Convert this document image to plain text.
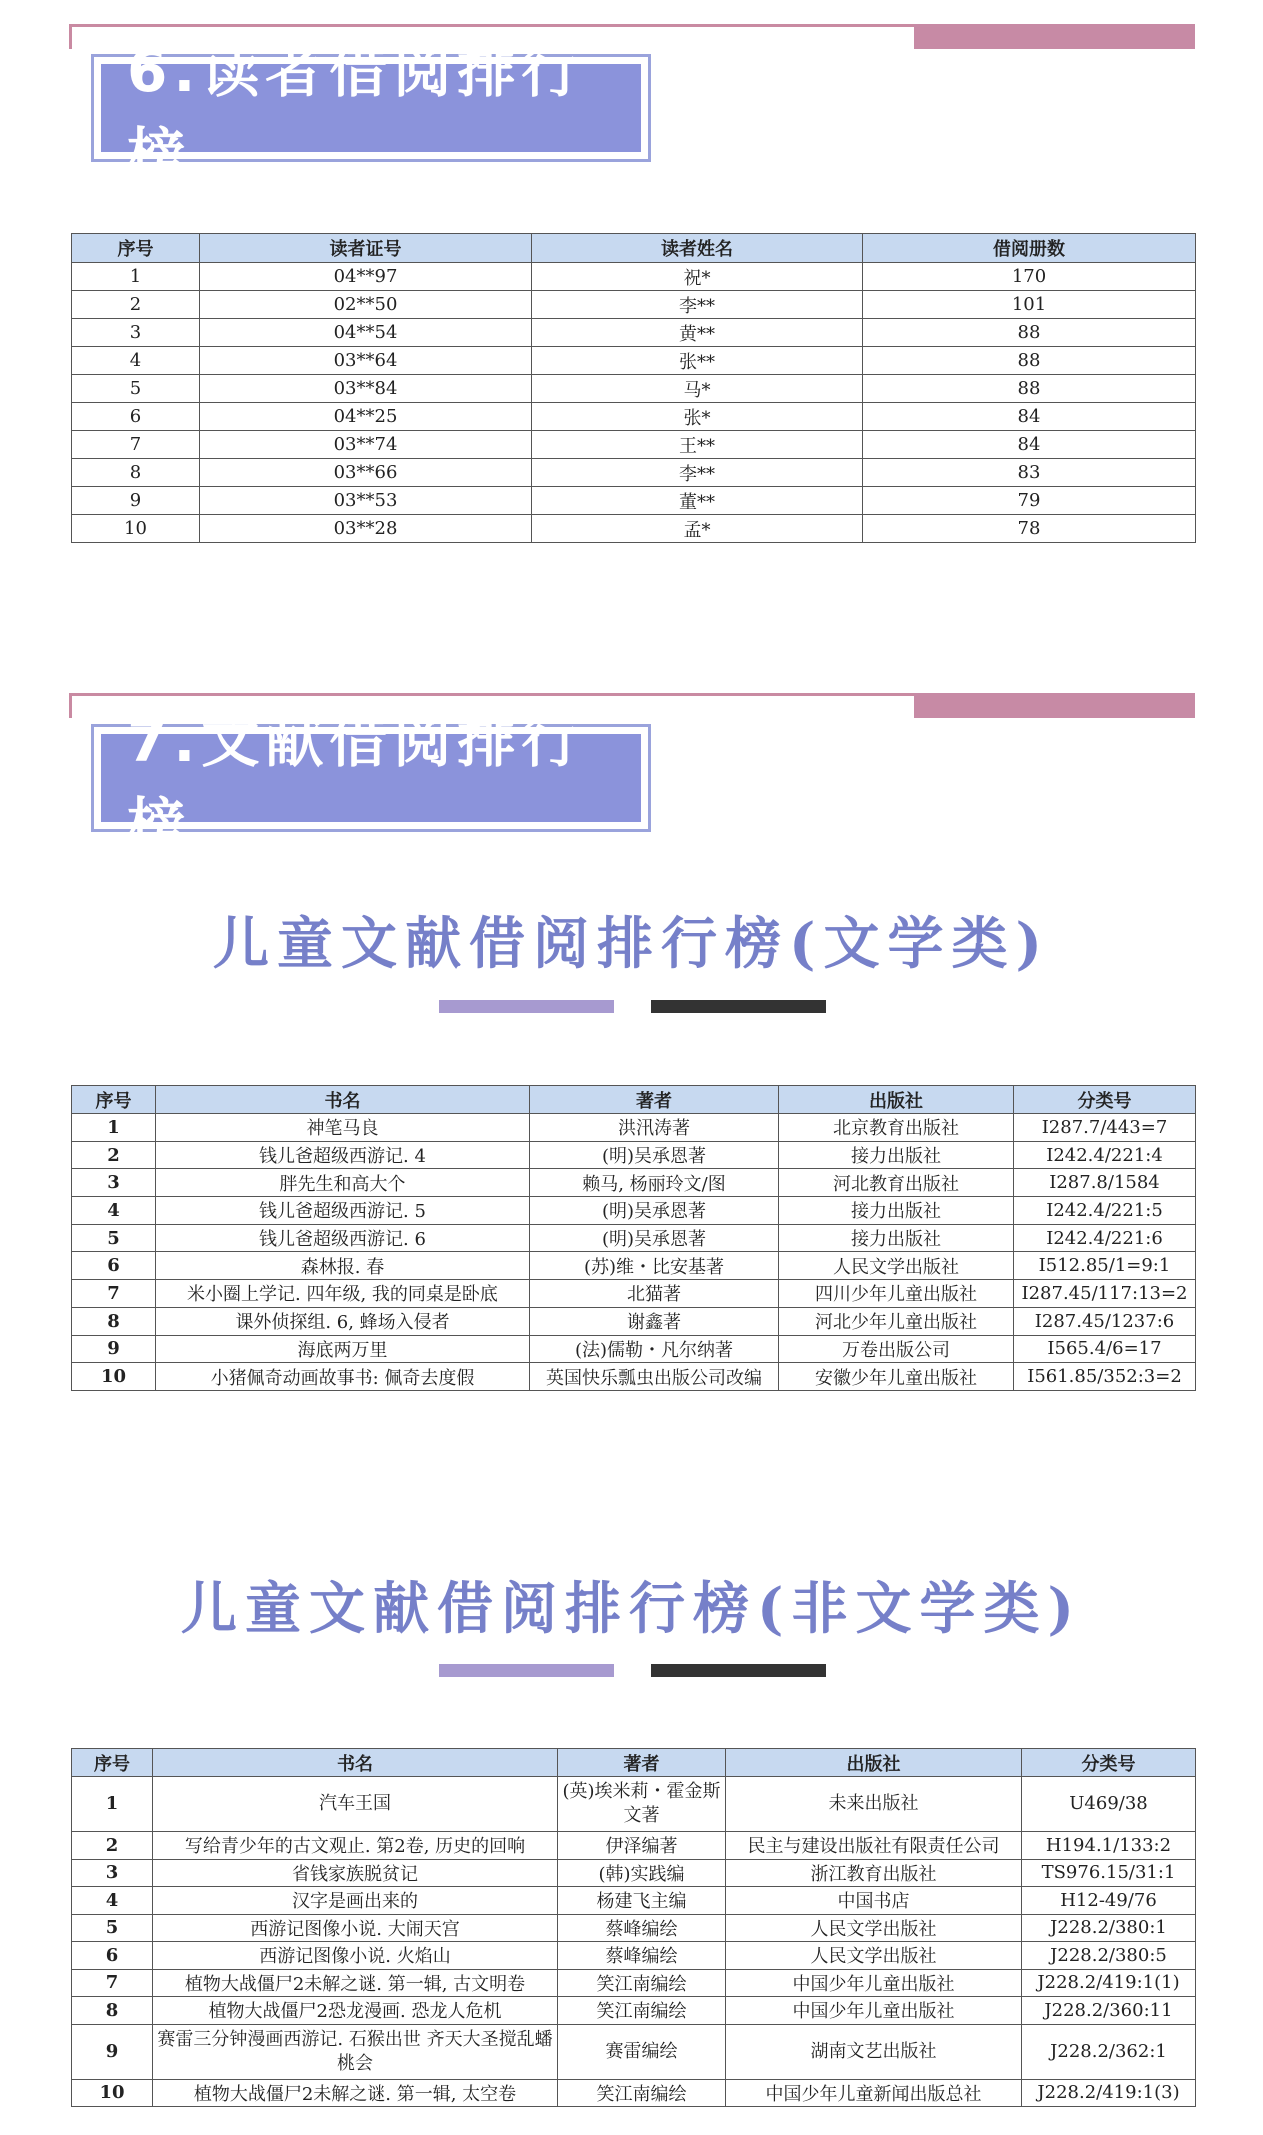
6.读者借阅排行榜
序号	读者证号	读者姓名	借阅册数
1	04**97	祝*	170
2	02**50	李**	101
3	04**54	黄**	88
4	03**64	张**	88
5	03**84	马*	88
6	04**25	张*	84
7	03**74	王**	84
8	03**66	李**	83
9	03**53	董**	79
10	03**28	孟*	78
7.文献借阅排行榜
儿童文献借阅排行榜(文学类)
序号	书名	著者	出版社	分类号
1	神笔马良	洪汛涛著	北京教育出版社	I287.7/443=7
2	钱儿爸超级西游记. 4	(明)吴承恩著	接力出版社	I242.4/221:4
3	胖先生和高大个	赖马, 杨丽玲文/图	河北教育出版社	I287.8/1584
4	钱儿爸超级西游记. 5	(明)吴承恩著	接力出版社	I242.4/221:5
5	钱儿爸超级西游记. 6	(明)吴承恩著	接力出版社	I242.4/221:6
6	森林报. 春	(苏)维・比安基著	人民文学出版社	I512.85/1=9:1
7	米小圈上学记. 四年级, 我的同桌是卧底	北猫著	四川少年儿童出版社	I287.45/117:13=2
8	课外侦探组. 6, 蜂场入侵者	谢鑫著	河北少年儿童出版社	I287.45/1237:6
9	海底两万里	(法)儒勒・凡尔纳著	万卷出版公司	I565.4/6=17
10	小猪佩奇动画故事书: 佩奇去度假	英国快乐瓢虫出版公司改编	安徽少年儿童出版社	I561.85/352:3=2
儿童文献借阅排行榜(非文学类)
序号	书名	著者	出版社	分类号
1	汽车王国	(英)埃米莉・霍金斯文著	未来出版社	U469/38
2	写给青少年的古文观止. 第2卷, 历史的回响	伊泽编著	民主与建设出版社有限责任公司	H194.1/133:2
3	省钱家族脱贫记	(韩)实践编	浙江教育出版社	TS976.15/31:1
4	汉字是画出来的	杨建飞主编	中国书店	H12-49/76
5	西游记图像小说. 大闹天宫	蔡峰编绘	人民文学出版社	J228.2/380:1
6	西游记图像小说. 火焰山	蔡峰编绘	人民文学出版社	J228.2/380:5
7	植物大战僵尸2未解之谜. 第一辑, 古文明卷	笑江南编绘	中国少年儿童出版社	J228.2/419:1(1)
8	植物大战僵尸2恐龙漫画. 恐龙人危机	笑江南编绘	中国少年儿童出版社	J228.2/360:11
9	赛雷三分钟漫画西游记. 石猴出世 齐天大圣搅乱蟠桃会	赛雷编绘	湖南文艺出版社	J228.2/362:1
10	植物大战僵尸2未解之谜. 第一辑, 太空卷	笑江南编绘	中国少年儿童新闻出版总社	J228.2/419:1(3)
